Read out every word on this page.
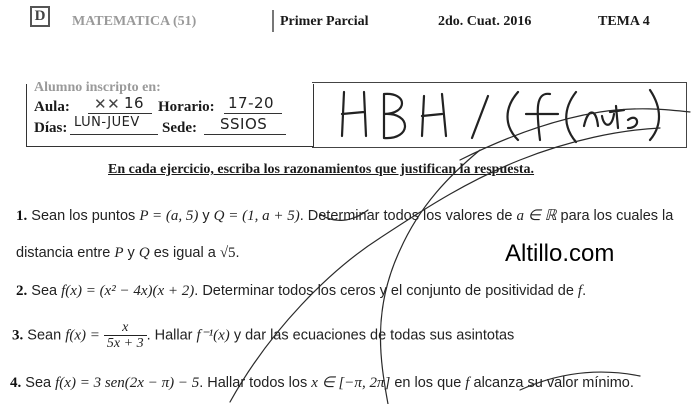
D	MATEMATICA (51)	Primer Parcial	2do. Cuat. 2016	TEMA 4
Alumno inscripto en:
Aula: ✕✕ 16 Horario: 17-20
Días: LUN-JUEV Sede: SSIOS
En cada ejercicio, escriba los razonamientos que justifican la respuesta.
Altillo.com
1. Sean los puntos P = (a, 5) y Q = (1, a + 5). Determinar todos los valores de a ∈ ℝ para los cuales la
distancia entre P y Q es igual a √5.
2. Sea f(x) = (x² − 4x)(x + 2). Determinar todos los ceros y el conjunto de positividad de f.
3. Sean $f(x) = \frac{x}{5x + 3}$ . Hallar f⁻¹(x) y dar las ecuaciones de todas sus asintotas
4. Sea f(x) = 3 sen(2x − π) − 5. Hallar todos los x ∈ [−π, 2π] en los que f alcanza su valor mínimo.
